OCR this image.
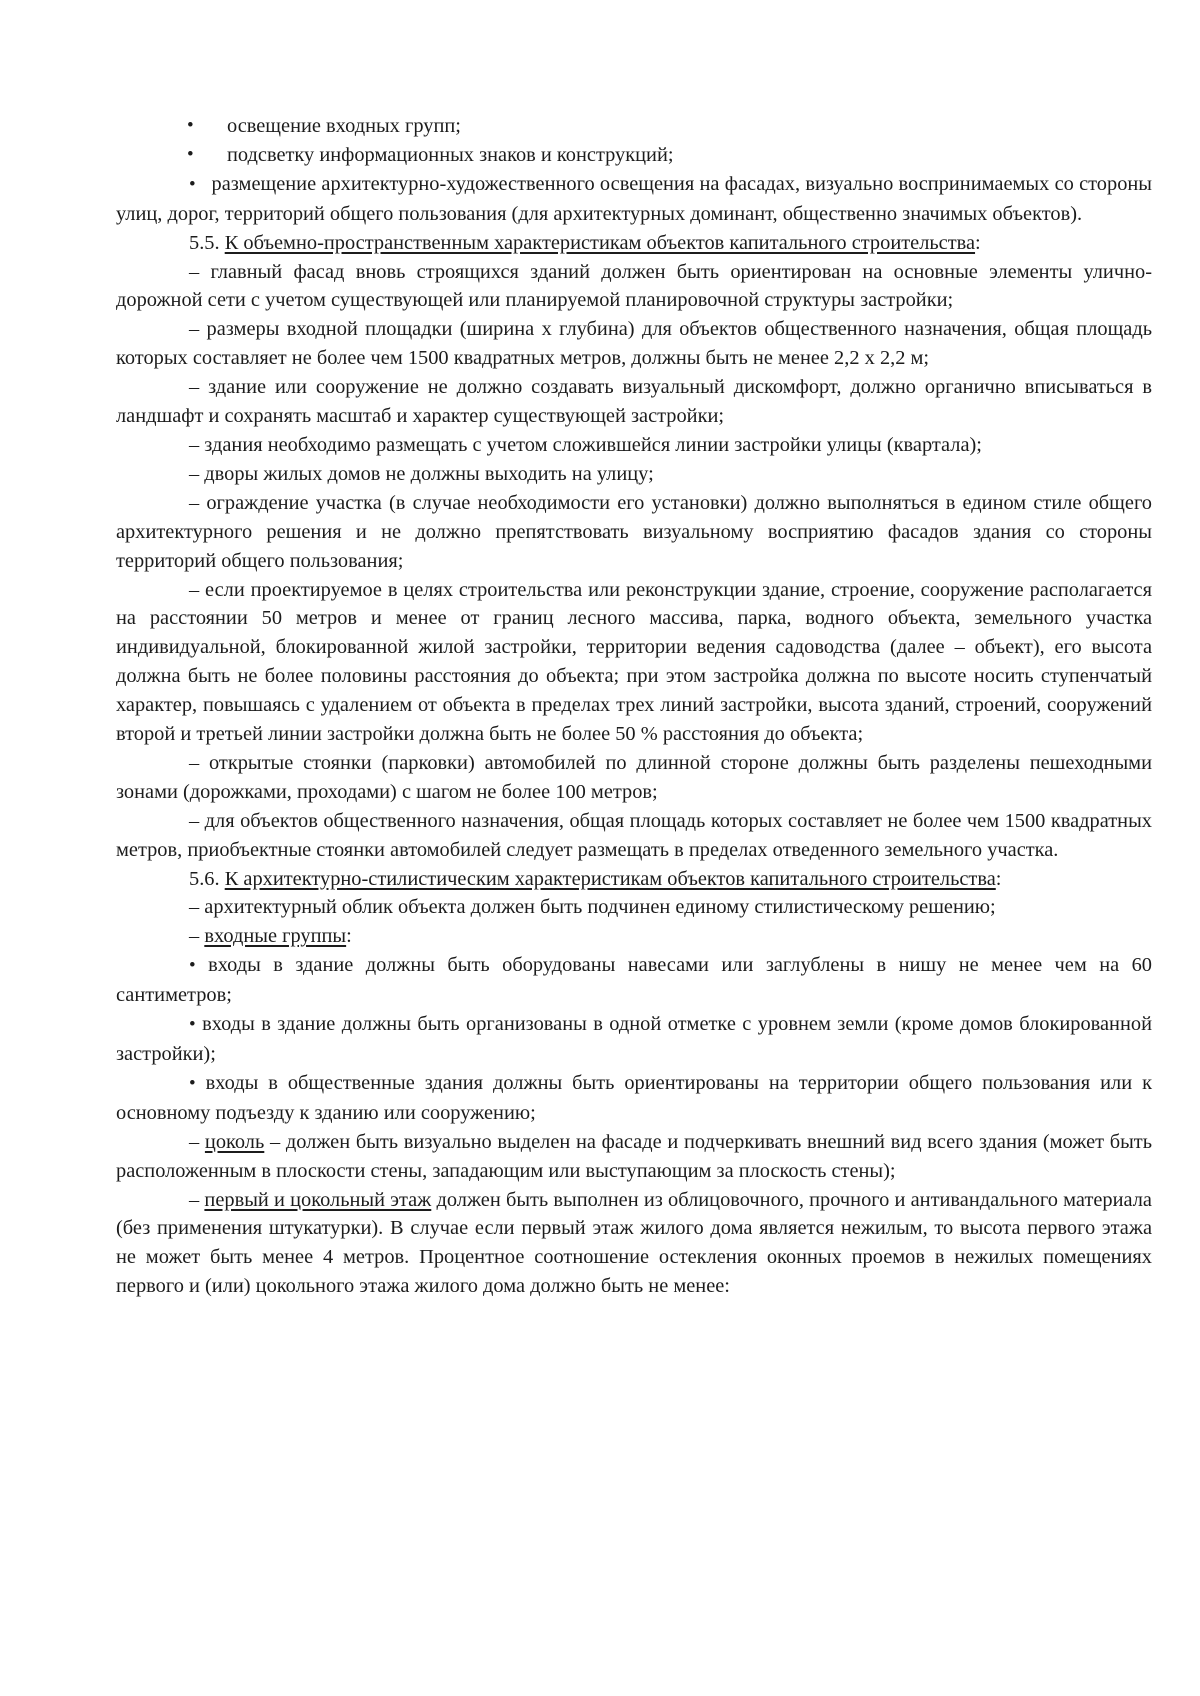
• освещение входных групп;

• подсветку информационных знаков и конструкций;

• размещение архитектурно-художественного освещения на фасадах, визуально воспринимаемых со стороны улиц, дорог, территорий общего пользования (для архитектурных доминант, общественно значимых объектов).

5.5. К объемно-пространственным характеристикам объектов капитального строительства:

– главный фасад вновь строящихся зданий должен быть ориентирован на основные элементы улично-дорожной сети с учетом существующей или планируемой планировочной структуры застройки;

– размеры входной площадки (ширина х глубина) для объектов общественного назначения, общая площадь которых составляет не более чем 1500 квадратных метров, должны быть не менее 2,2 х 2,2 м;

– здание или сооружение не должно создавать визуальный дискомфорт, должно органично вписываться в ландшафт и сохранять масштаб и характер существующей застройки;

– здания необходимо размещать с учетом сложившейся линии застройки улицы (квартала);

– дворы жилых домов не должны выходить на улицу;

– ограждение участка (в случае необходимости его установки) должно выполняться в едином стиле общего архитектурного решения и не должно препятствовать визуальному восприятию фасадов здания со стороны территорий общего пользования;

– если проектируемое в целях строительства или реконструкции здание, строение, сооружение располагается на расстоянии 50 метров и менее от границ лесного массива, парка, водного объекта, земельного участка индивидуальной, блокированной жилой застройки, территории ведения садоводства (далее – объект), его высота должна быть не более половины расстояния до объекта; при этом застройка должна по высоте носить ступенчатый характер, повышаясь с удалением от объекта в пределах трех линий застройки, высота зданий, строений, сооружений второй и третьей линии застройки должна быть не более 50 % расстояния до объекта;

– открытые стоянки (парковки) автомобилей по длинной стороне должны быть разделены пешеходными зонами (дорожками, проходами) с шагом не более 100 метров;

– для объектов общественного назначения, общая площадь которых составляет не более чем 1500 квадратных метров, приобъектные стоянки автомобилей следует размещать в пределах отведенного земельного участка.

5.6. К архитектурно-стилистическим характеристикам объектов капитального строительства:

– архитектурный облик объекта должен быть подчинен единому стилистическому решению;

– входные группы:

• входы в здание должны быть оборудованы навесами или заглублены в нишу не менее чем на 60 сантиметров;

• входы в здание должны быть организованы в одной отметке с уровнем земли (кроме домов блокированной застройки);

• входы в общественные здания должны быть ориентированы на территории общего пользования или к основному подъезду к зданию или сооружению;

– цоколь – должен быть визуально выделен на фасаде и подчеркивать внешний вид всего здания (может быть расположенным в плоскости стены, западающим или выступающим за плоскость стены);

– первый и цокольный этаж должен быть выполнен из облицовочного, прочного и антивандального материала (без применения штукатурки). В случае если первый этаж жилого дома является нежилым, то высота первого этажа не может быть менее 4 метров. Процентное соотношение остекления оконных проемов в нежилых помещениях первого и (или) цокольного этажа жилого дома должно быть не менее:
